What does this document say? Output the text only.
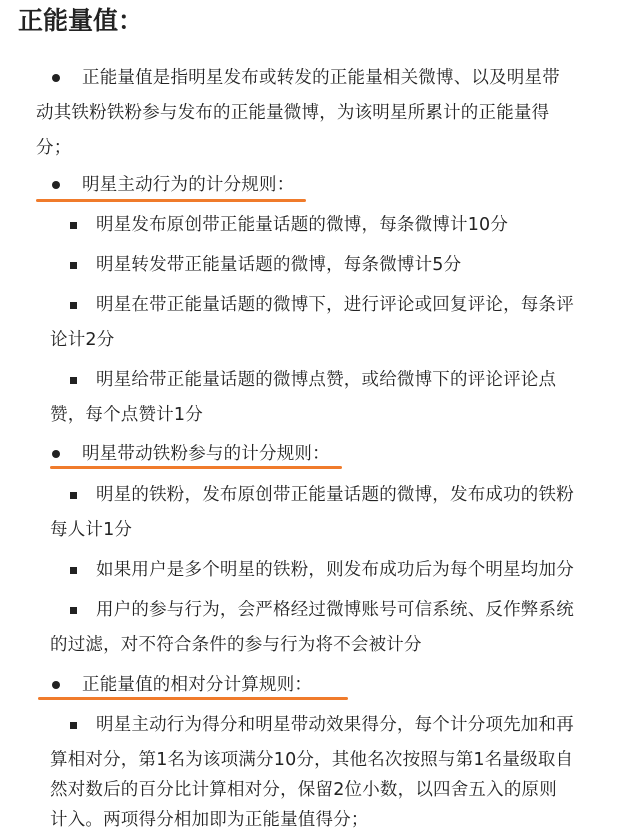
正能量值：
正能量值是指明星发布或转发的正能量相关微博、以及明星带
动其铁粉铁粉参与发布的正能量微博，为该明星所累计的正能量得
分；
明星主动行为的计分规则：
明星发布原创带正能量话题的微博，每条微博计10分
明星转发带正能量话题的微博，每条微博计5分
明星在带正能量话题的微博下，进行评论或回复评论，每条评
论计2分
明星给带正能量话题的微博点赞，或给微博下的评论评论点
赞，每个点赞计1分
明星带动铁粉参与的计分规则：
明星的铁粉，发布原创带正能量话题的微博，发布成功的铁粉
每人计1分
如果用户是多个明星的铁粉，则发布成功后为每个明星均加分
用户的参与行为，会严格经过微博账号可信系统、反作弊系统
的过滤，对不符合条件的参与行为将不会被计分
正能量值的相对分计算规则：
明星主动行为得分和明星带动效果得分，每个计分项先加和再
算相对分，第1名为该项满分10分，其他名次按照与第1名量级取自
然对数后的百分比计算相对分，保留2位小数，以四舍五入的原则
计入。两项得分相加即为正能量值得分；
